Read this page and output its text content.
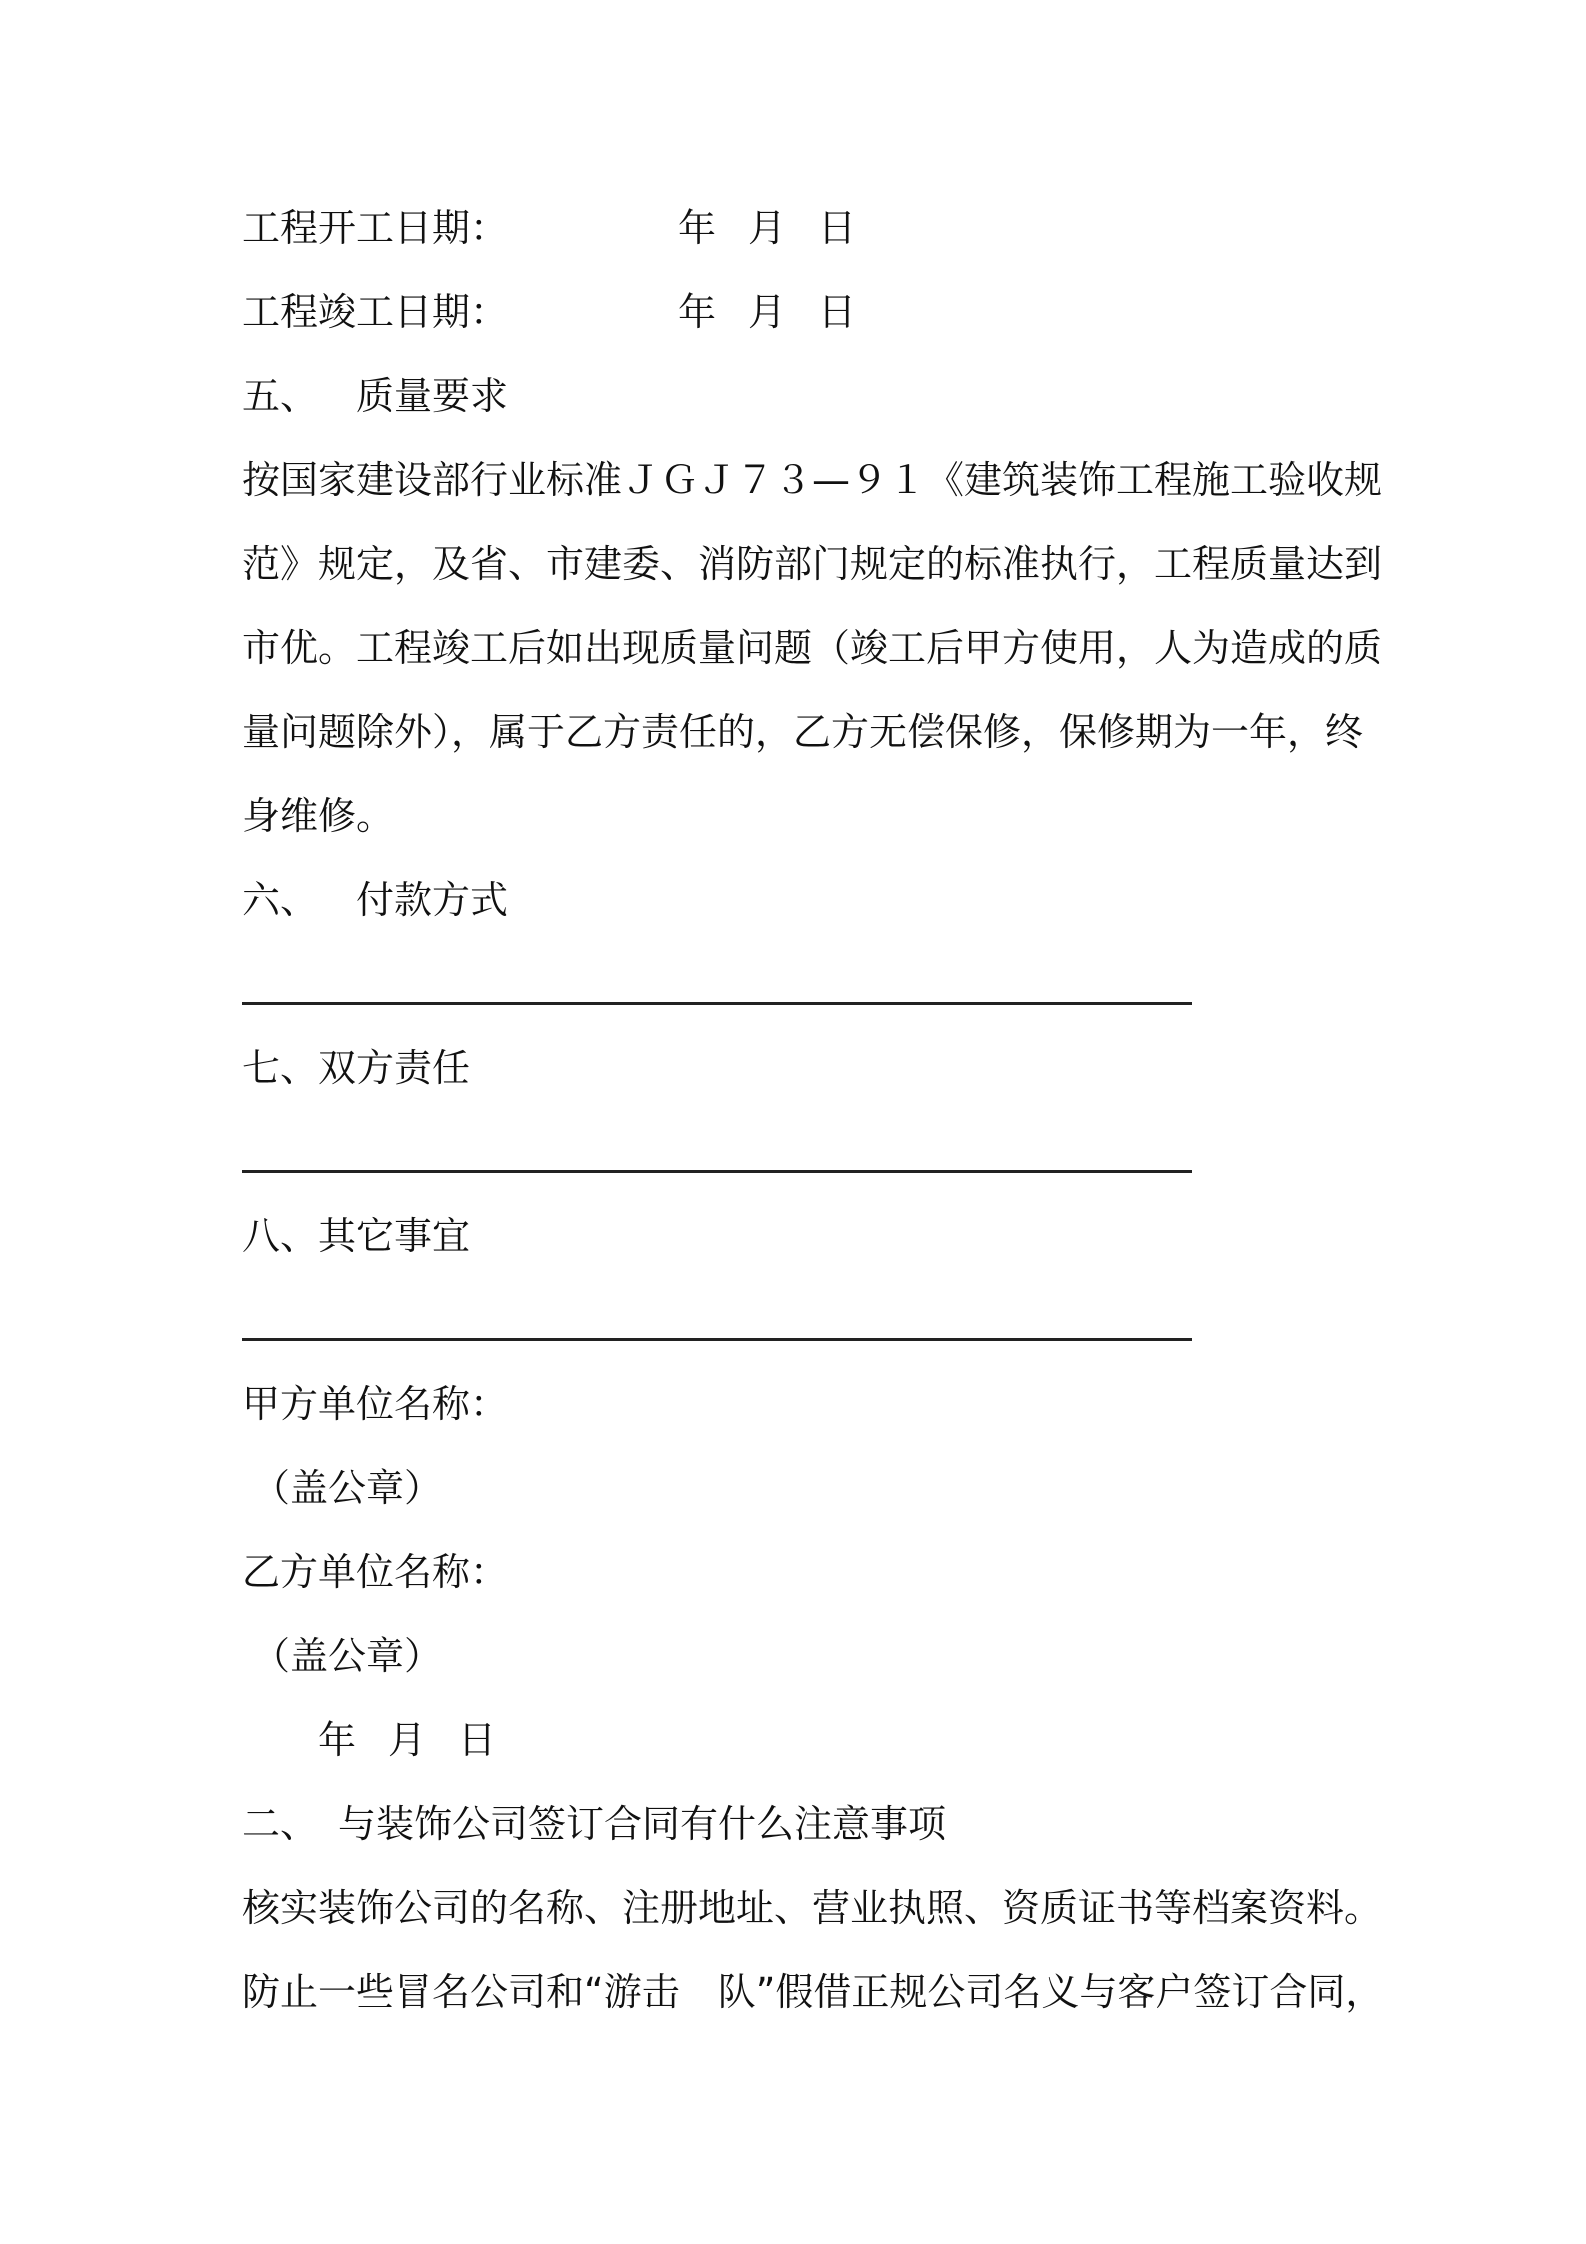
工程开工日期：	年 月 日
工程竣工日期：	年 月 日
五、 质量要求
按国家建设部行业标准ＪＧＪ７３—９１《建筑装饰工程施工验收规
范》规定，及省、市建委、消防部门规定的标准执行，工程质量达到
市优。工程竣工后如出现质量问题（竣工后甲方使用，人为造成的质
量问题除外），属于乙方责任的，乙方无偿保修，保修期为一年，终
身维修。
六、 付款方式
七、双方责任
八、其它事宜
甲方单位名称：
（盖公章）
乙方单位名称：
（盖公章）
年 月 日
二、 与装饰公司签订合同有什么注意事项
核实装饰公司的名称、注册地址、营业执照、资质证书等档案资料。
防止一些冒名公司和“游击　队”假借正规公司名义与客户签订合同，
